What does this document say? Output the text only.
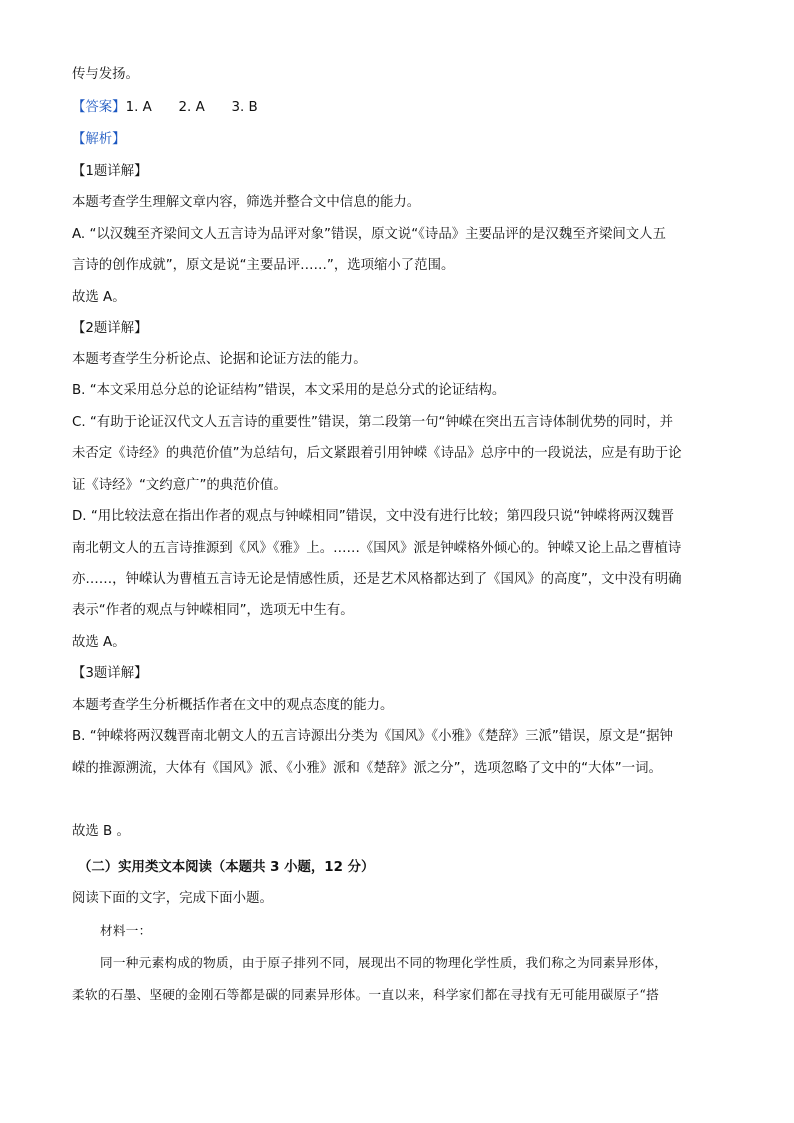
传与发扬。
【答案】1. A　　2. A　　3. B
【解析】
【1题详解】
本题考查学生理解文章内容，筛选并整合文中信息的能力。
A. “以汉魏至齐梁间文人五言诗为品评对象”错误，原文说“《诗品》主要品评的是汉魏至齐梁间文人五
言诗的创作成就”，原文是说“主要品评……”，选项缩小了范围。
故选 A。
【2题详解】
本题考查学生分析论点、论据和论证方法的能力。
B. “本文采用总分总的论证结构”错误，本文采用的是总分式的论证结构。
C. “有助于论证汉代文人五言诗的重要性”错误，第二段第一句“钟嵘在突出五言诗体制优势的同时，并
未否定《诗经》的典范价值”为总结句，后文紧跟着引用钟嵘《诗品》总序中的一段说法，应是有助于论
证《诗经》“文约意广”的典范价值。
D. “用比较法意在指出作者的观点与钟嵘相同”错误，文中没有进行比较；第四段只说“钟嵘将两汉魏晋
南北朝文人的五言诗推源到《风》《雅》上。……《国风》派是钟嵘格外倾心的。钟嵘又论上品之曹植诗
亦……，钟嵘认为曹植五言诗无论是情感性质，还是艺术风格都达到了《国风》的高度”，文中没有明确
表示“作者的观点与钟嵘相同”，选项无中生有。
故选 A。
【3题详解】
本题考查学生分析概括作者在文中的观点态度的能力。
B. “钟嵘将两汉魏晋南北朝文人的五言诗源出分类为《国风》《小雅》《楚辞》三派”错误，原文是“据钟
嵘的推源溯流，大体有《国风》派、《小雅》派和《楚辞》派之分”，选项忽略了文中的“大体”一词。
故选 B 。
（二）实用类文本阅读（本题共 3 小题，12 分）
阅读下面的文字，完成下面小题。
材料一：
同一种元素构成的物质，由于原子排列不同，展现出不同的物理化学性质，我们称之为同素异形体，
柔软的石墨、坚硬的金刚石等都是碳的同素异形体。一直以来，科学家们都在寻找有无可能用碳原子“搭
